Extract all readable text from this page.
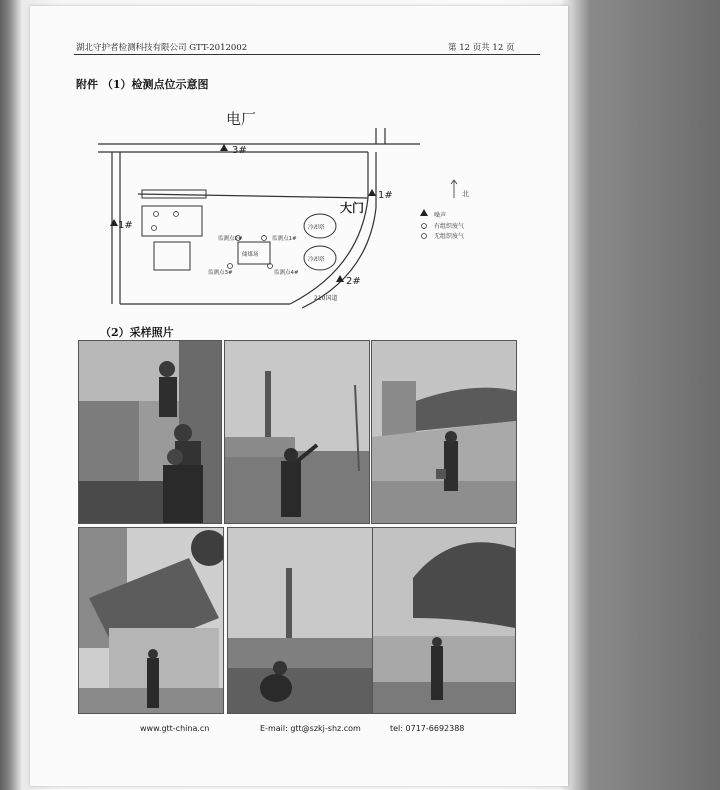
湖北守护者检测科技有限公司 GTT-2012002	第 12 页共 12 页
附件 （1）检测点位示意图
电厂
大门
北
3#
1#
1#
2#
210国道
冷却塔
冷却塔
储煤场
监测点2#	监测点1#
监测点3#	监测点4#
噪声
有组织废气
无组织废气
（2）采样照片
www.gtt-china.cn	E-mail: gtt@szkj-shz.com	tel: 0717-6692388
